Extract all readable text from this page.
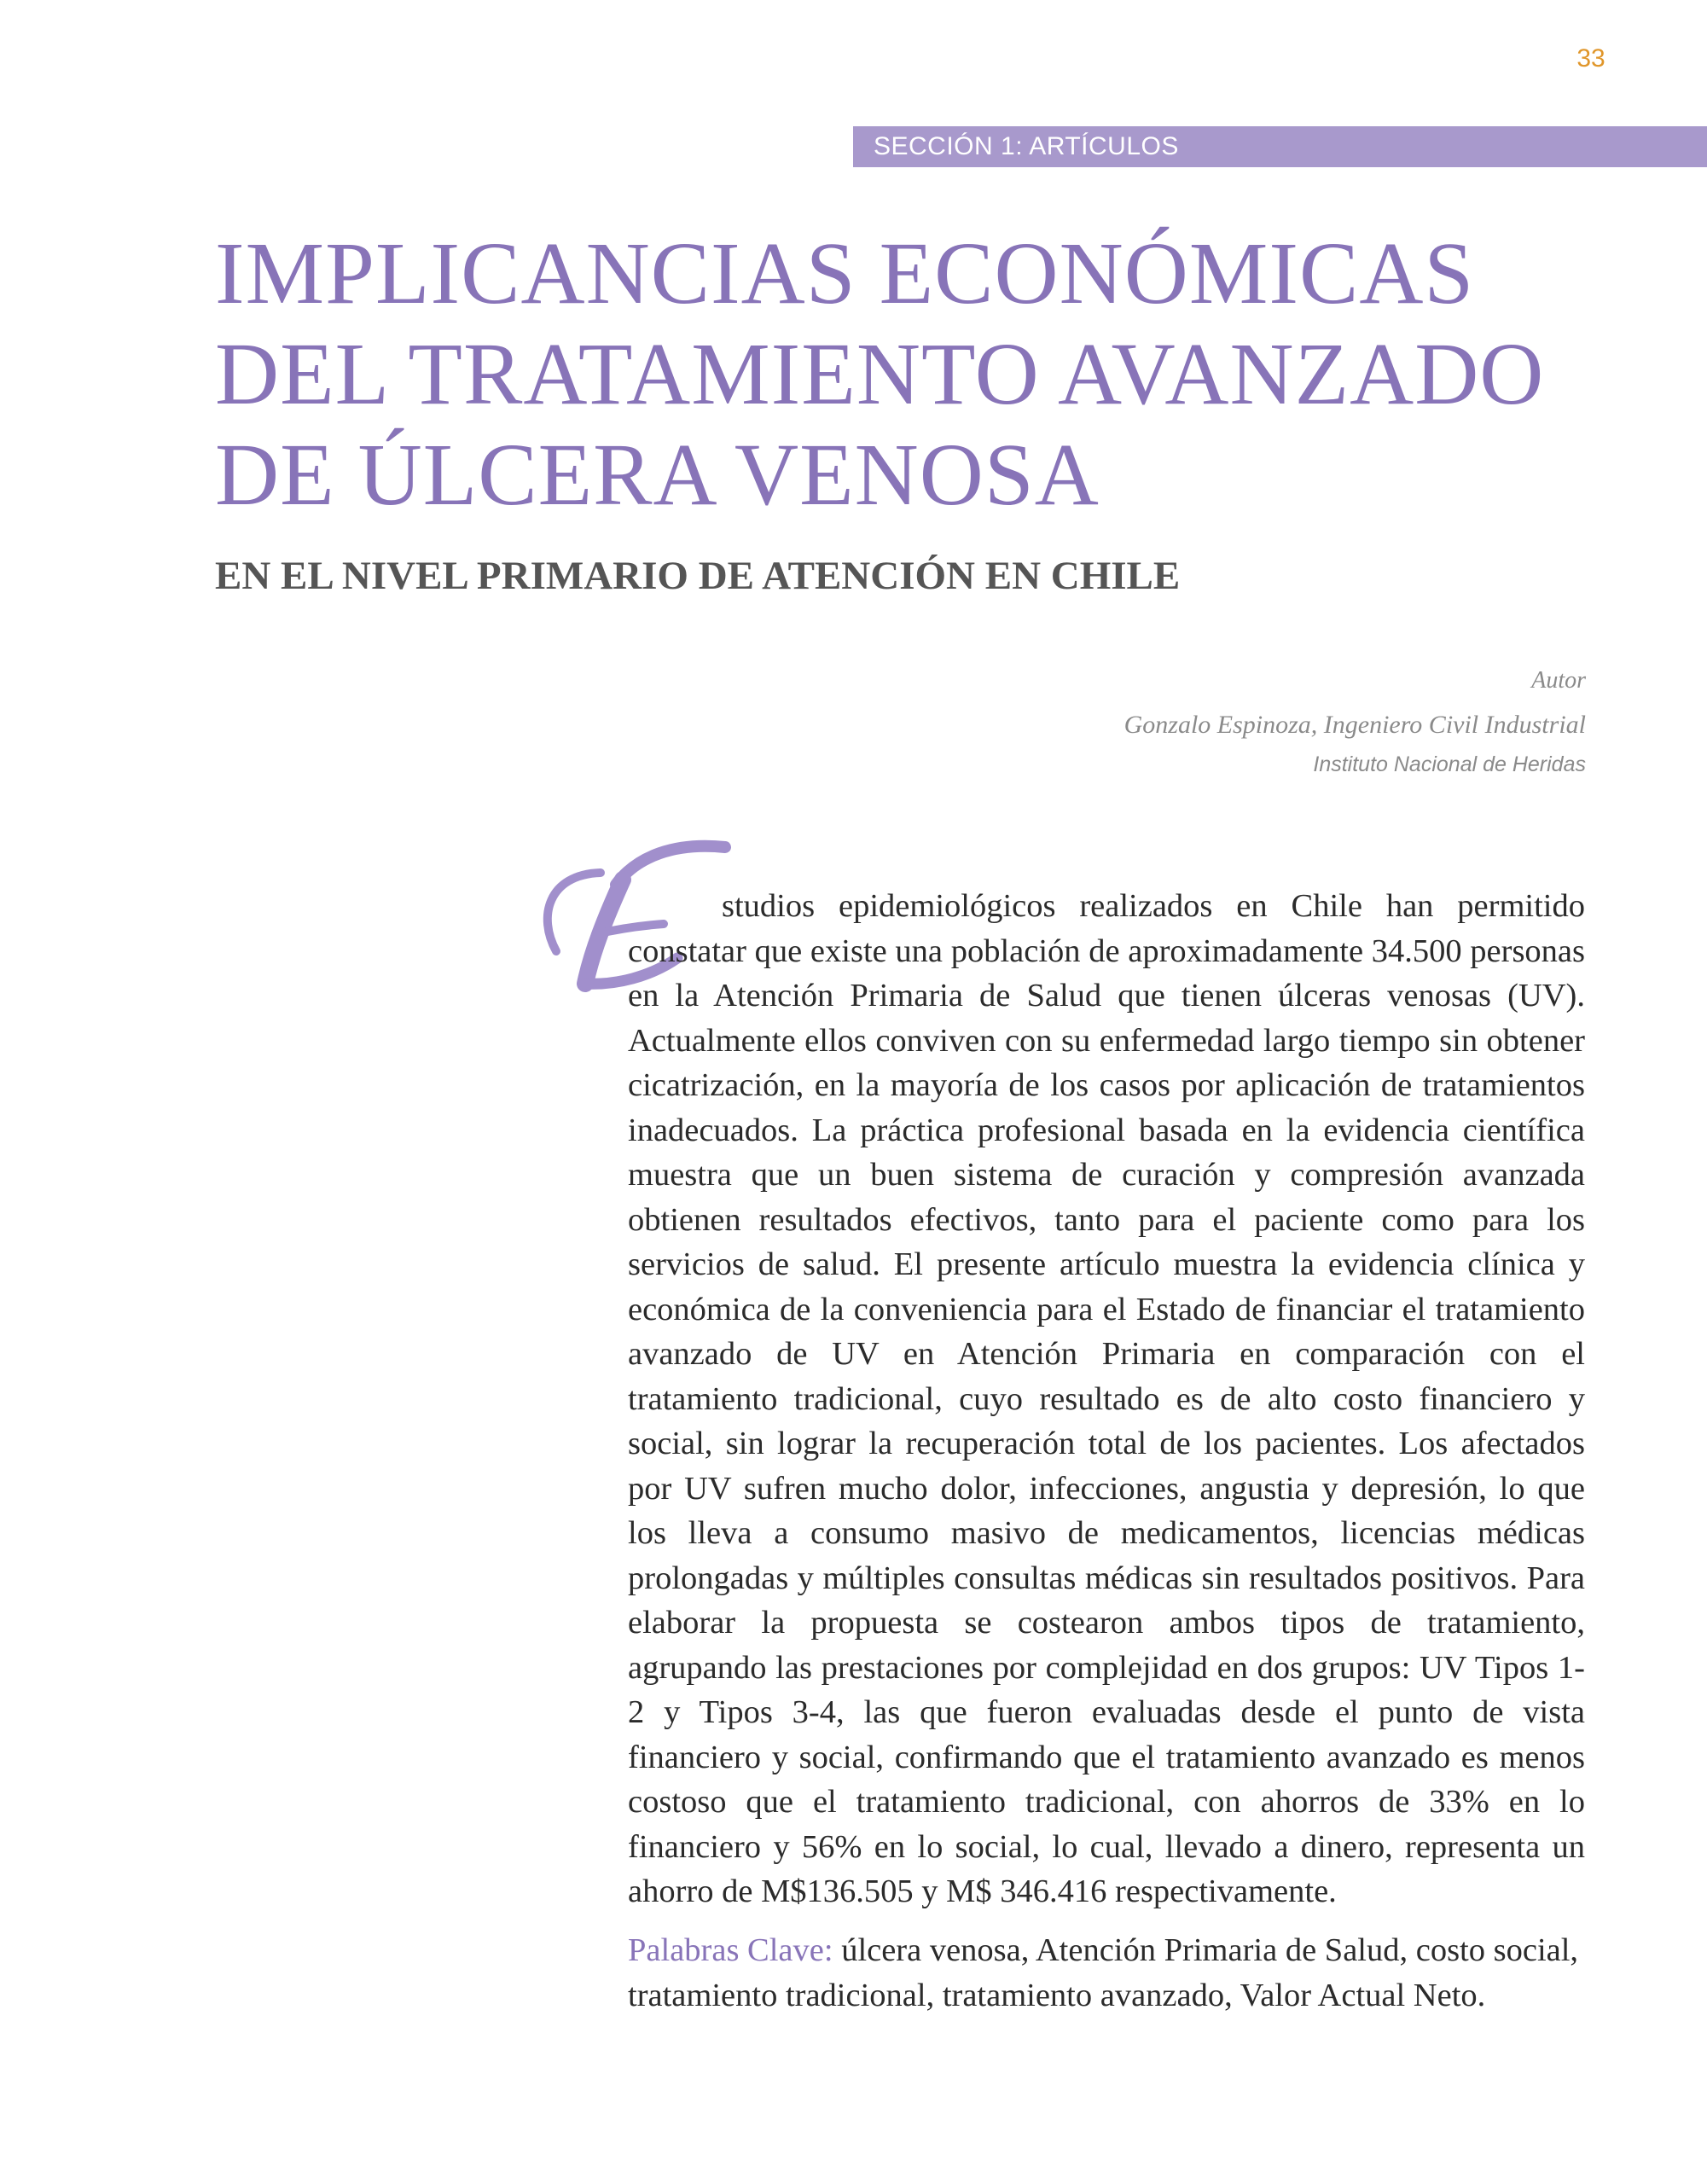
33
SECCIÓN 1: ARTÍCULOS
IMPLICANCIAS ECONÓMICAS
DEL TRATAMIENTO AVANZADO
DE ÚLCERA VENOSA
EN EL NIVEL PRIMARIO DE ATENCIÓN EN CHILE
Autor
Gonzalo Espinoza, Ingeniero Civil Industrial
Instituto Nacional de Heridas

studios epidemiológicos realizados en Chile han permitido constatar que existe una población de aproximadamente 34.500 personas en la Atención Primaria de Salud que tienen úlceras venosas (UV). Actualmente ellos conviven con su enfermedad largo tiempo sin obtener cicatrización, en la mayoría de los casos por aplicación de tratamientos inadecuados. La práctica profesional basada en la evidencia científica muestra que un buen sistema de curación y compresión avanzada obtienen resultados efectivos, tanto para el paciente como para los servicios de salud. El presente artículo muestra la evidencia clínica y económica de la conveniencia para el Estado de financiar el tratamiento avanzado de UV en Atención Primaria en comparación con el tratamiento tradicional, cuyo resultado es de alto costo financiero y social, sin lograr la recuperación total de los pacientes. Los afectados por UV sufren mucho dolor, infecciones, angustia y depresión, lo que los lleva a consumo masivo de medicamentos, licencias médicas prolongadas y múltiples consultas médicas sin resultados positivos. Para elaborar la propuesta se costearon ambos tipos de tratamiento, agrupando las prestaciones por complejidad en dos grupos: UV Tipos 1-2 y Tipos 3-4, las que fueron evaluadas desde el punto de vista financiero y social, confirmando que el tratamiento avanzado es menos costoso que el tratamiento tradicional, con ahorros de 33% en lo financiero y 56% en lo social, lo cual, llevado a dinero, representa un ahorro de M$136.505 y M$ 346.416 respectivamente.

Palabras Clave: úlcera venosa, Atención Primaria de Salud, costo social, tratamiento tradicional, tratamiento avanzado, Valor Actual Neto.
